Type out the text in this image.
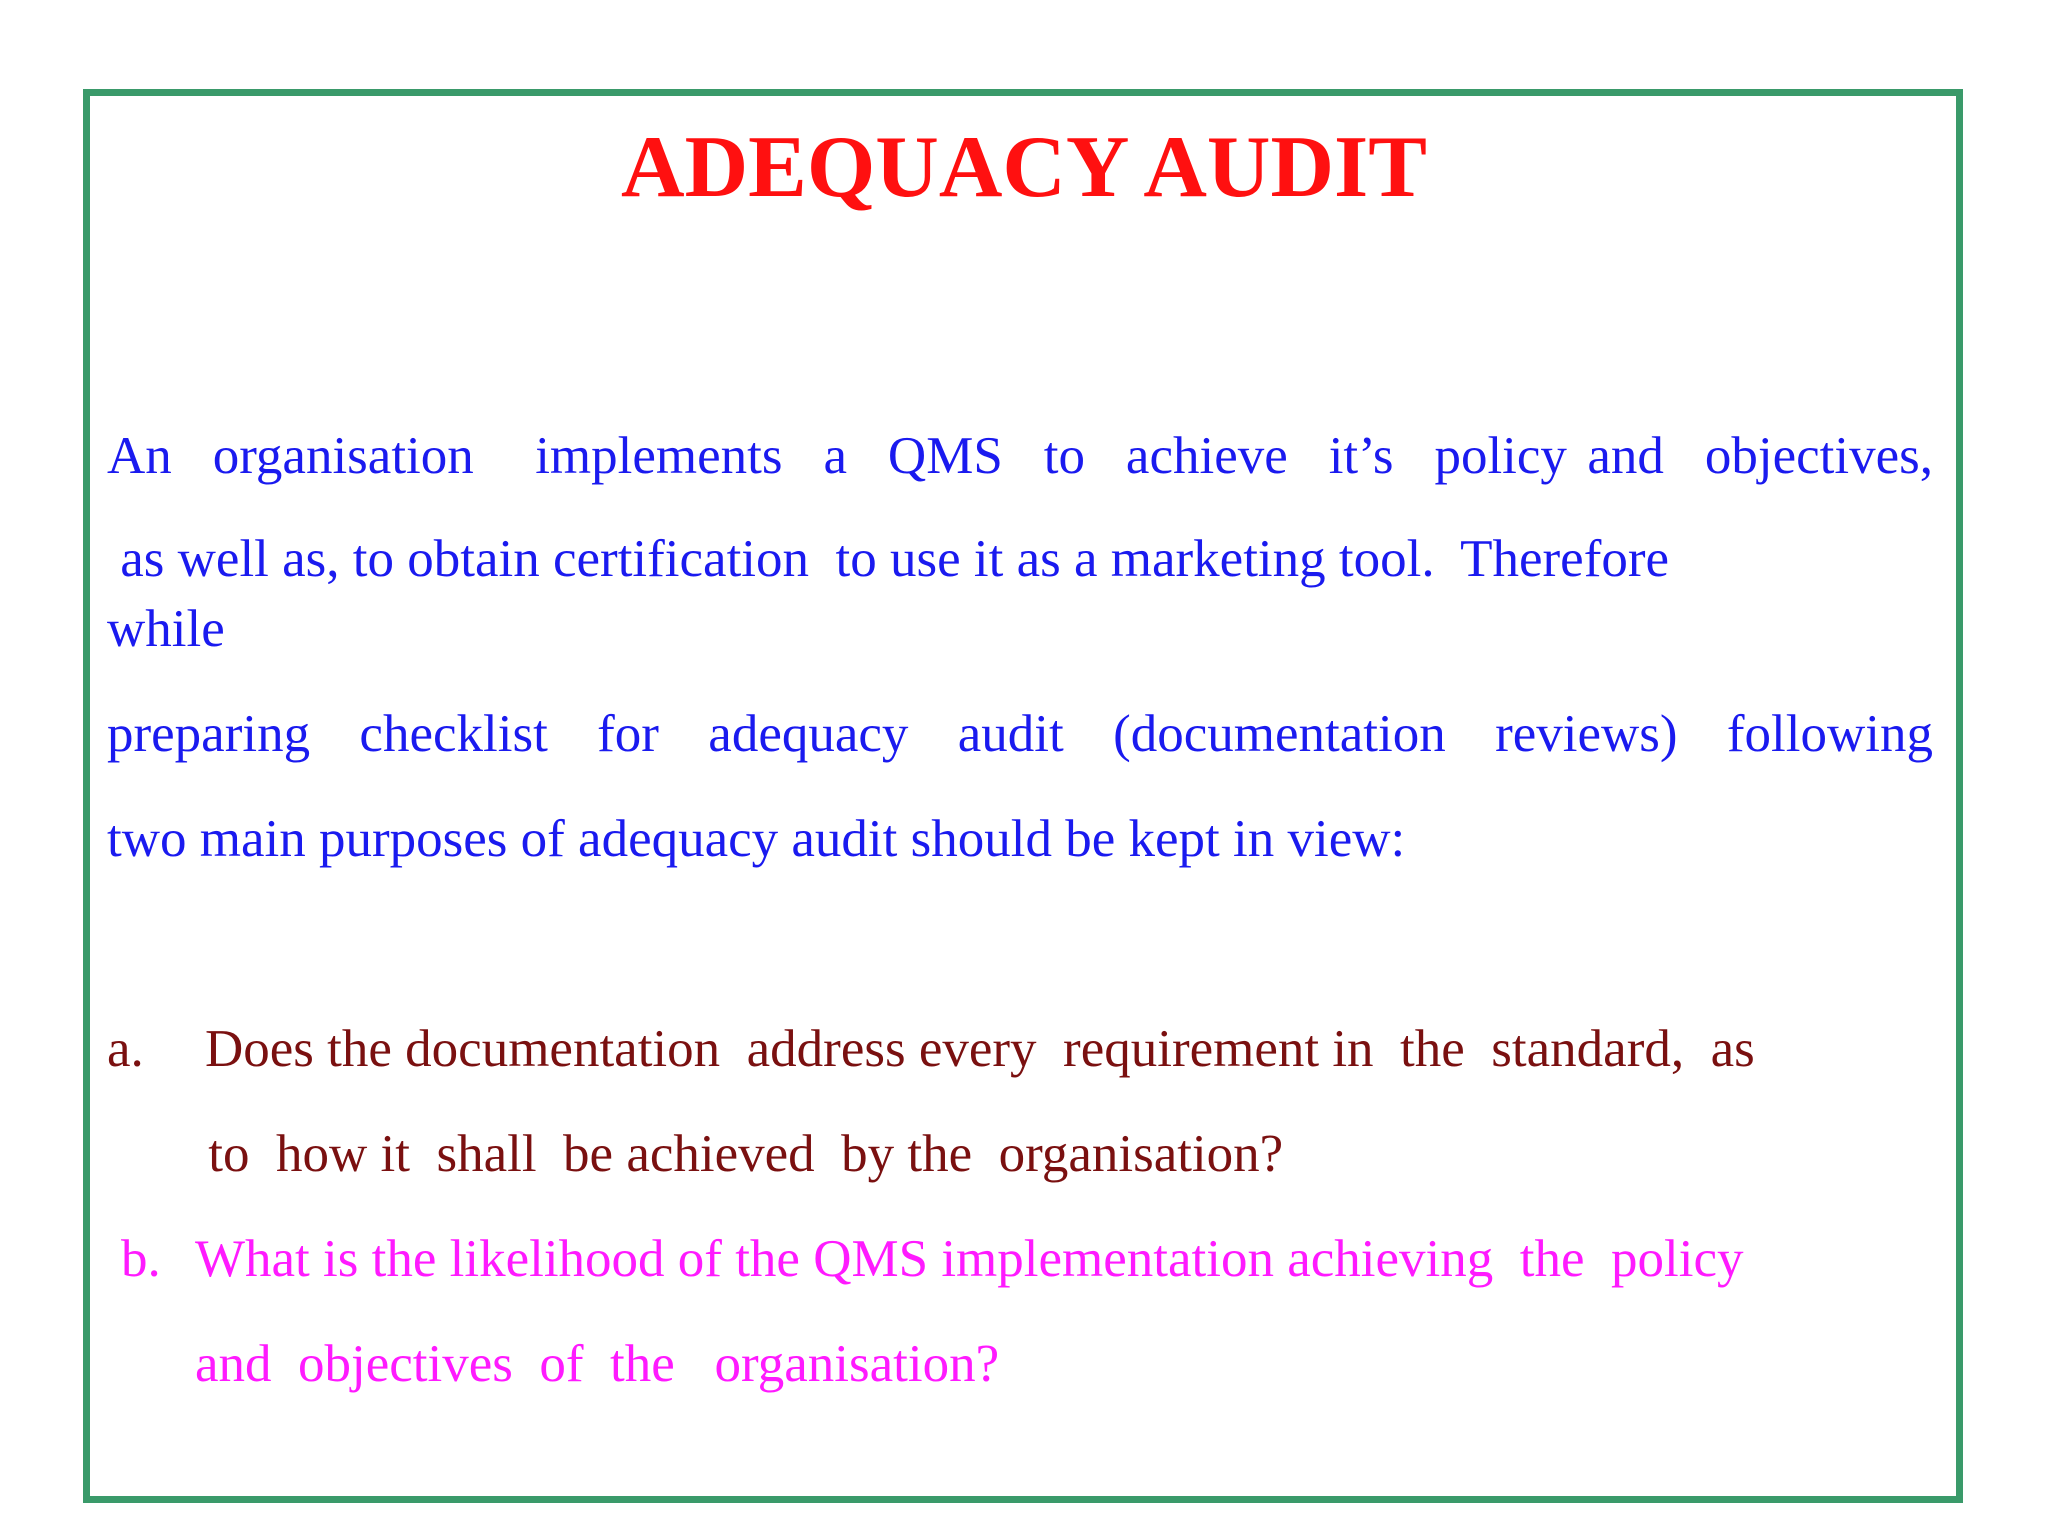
ADEQUACY AUDIT

An  organisation   implements  a  QMS  to  achieve  it’s  policy and  objectives,

as well as, to obtain certification  to use it as a marketing tool.  Therefore

while

preparing  checklist  for  adequacy  audit  (documentation  reviews)  following

two main purposes of adequacy audit should be kept in view:

a. Does the documentation  address every  requirement in  the  standard,  as

to  how it  shall  be achieved  by the  organisation?

b. What is the likelihood of the QMS implementation achieving  the  policy

and  objectives  of  the   organisation?
